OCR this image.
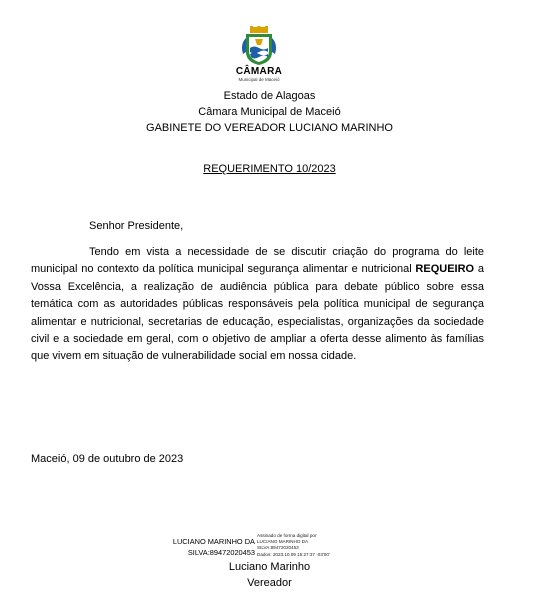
CÂMARA
Municipal de Maceió
Estado de Alagoas
Câmara Municipal de Maceió
GABINETE DO VEREADOR LUCIANO MARINHO
REQUERIMENTO 10/2023
Senhor Presidente,

Tendo em vista a necessidade de se discutir criação do programa do leite municipal no contexto da política municipal segurança alimentar e nutricional REQUEIRO a Vossa Excelência, a realização de audiência pública para debate público sobre essa temática com as autoridades públicas responsáveis pela política municipal de segurança alimentar e nutricional, secretarias de educação, especialistas, organizações da sociedade civil e a sociedade em geral, com o objetivo de ampliar a oferta desse alimento às famílias que vivem em situação de vulnerabilidade social em nossa cidade.

Maceió, 09 de outubro de 2023
LUCIANO MARINHO DA
SILVA:89472020453
Assinado de forma digital por
LUCIANO MARINHO DA
SILVA:89472020453
Dados: 2023.10.09 15:27:37 -03'00'
Luciano Marinho
Vereador
